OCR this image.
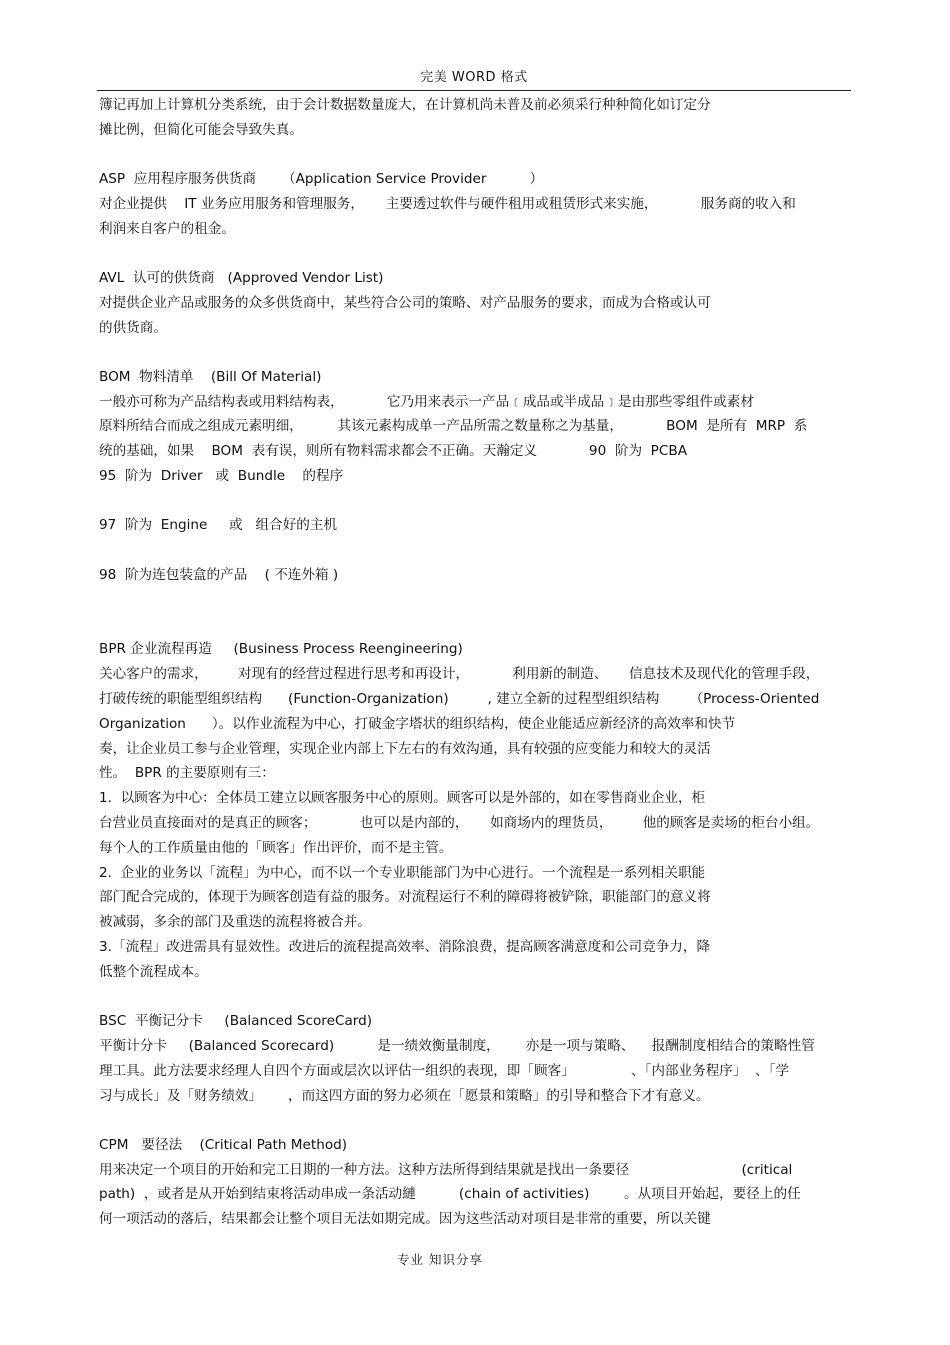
完美 WORD 格式
簿记再加上计算机分类系统，由于会计数据数量庞大，在计算机尚未普及前必须采行种种简化如订定分
摊比例，但简化可能会导致失真。
ASP  应用程序服务供货商      （Application Service Provider          ）
对企业提供    IT 业务应用服务和管理服务，     主要透过软件与硬件租用或租赁形式来实施，          服务商的收入和
利润来自客户的租金。
AVL  认可的供货商   (Approved Vendor List)
对提供企业产品或服务的众多供货商中，某些符合公司的策略、对产品服务的要求，而成为合格或认可
的供货商。
BOM  物料清单    (Bill Of Material)
一般亦可称为产品结构表或用料结构表，          它乃用来表示一产品﹝成品或半成品﹞是由那些零组件或素材
原料所结合而成之组成元素明细，        其该元素构成单一产品所需之数量称之为基量，          BOM  是所有  MRP  系
统的基础，如果    BOM  表有误，则所有物料需求都会不正确。天瀚定义            90  阶为  PCBA
95  阶为  Driver   或  Bundle    的程序
97  阶为  Engine     或   组合好的主机
98  阶为连包装盒的产品    ( 不连外箱 )
BPR 企业流程再造     (Business Process Reengineering)
关心客户的需求，       对现有的经营过程进行思考和再设计，          利用新的制造、     信息技术及现代化的管理手段，
打破传统的职能型组织结构      (Function-Organization)         , 建立全新的过程型组织结构       （Process-Oriented
Organization      ）。以作业流程为中心，打破金字塔状的组织结构，使企业能适应新经济的高效率和快节
奏，让企业员工参与企业管理，实现企业内部上下左右的有效沟通，具有较强的应变能力和较大的灵活
性。  BPR 的主要原则有三：
1.  以顾客为中心：全体员工建立以顾客服务中心的原则。顾客可以是外部的，如在零售商业企业，柜
台营业员直接面对的是真正的顾客；          也可以是内部的，     如商场内的理货员，       他的顾客是卖场的柜台小组。
每个人的工作质量由他的「顾客」作出评价，而不是主管。
2.  企业的业务以「流程」为中心，而不以一个专业职能部门为中心进行。一个流程是一系列相关职能
部门配合完成的，体现于为顾客创造有益的服务。对流程运行不利的障碍将被铲除，职能部门的意义将
被减弱，多余的部门及重迭的流程将被合并。
3.「流程」改进需具有显效性。改进后的流程提高效率、消除浪费，提高顾客满意度和公司竞争力，降
低整个流程成本。
BSC  平衡记分卡     (Balanced ScoreCard)
平衡计分卡     (Balanced Scorecard)          是一绩效衡量制度，      亦是一项与策略、    报酬制度相结合的策略性管
理工具。此方法要求经理人自四个方面或层次以评估一组织的表现，即「顾客」             、「内部业务程序」  、「学
习与成长」及「财务绩效」      ，而这四方面的努力必须在「愿景和策略」的引导和整合下才有意义。
CPM   要径法    (Critical Path Method)
用来决定一个项目的开始和完工日期的一种方法。这种方法所得到结果就是找出一条要径                          (critical
path)  ，或者是从开始到结束将活动串成一条活动縺          (chain of activities)        。从项目开始起，要径上的任
何一项活动的落后，结果都会让整个项目无法如期完成。因为这些活动对项目是非常的重要，所以关键
专业 知识分享
